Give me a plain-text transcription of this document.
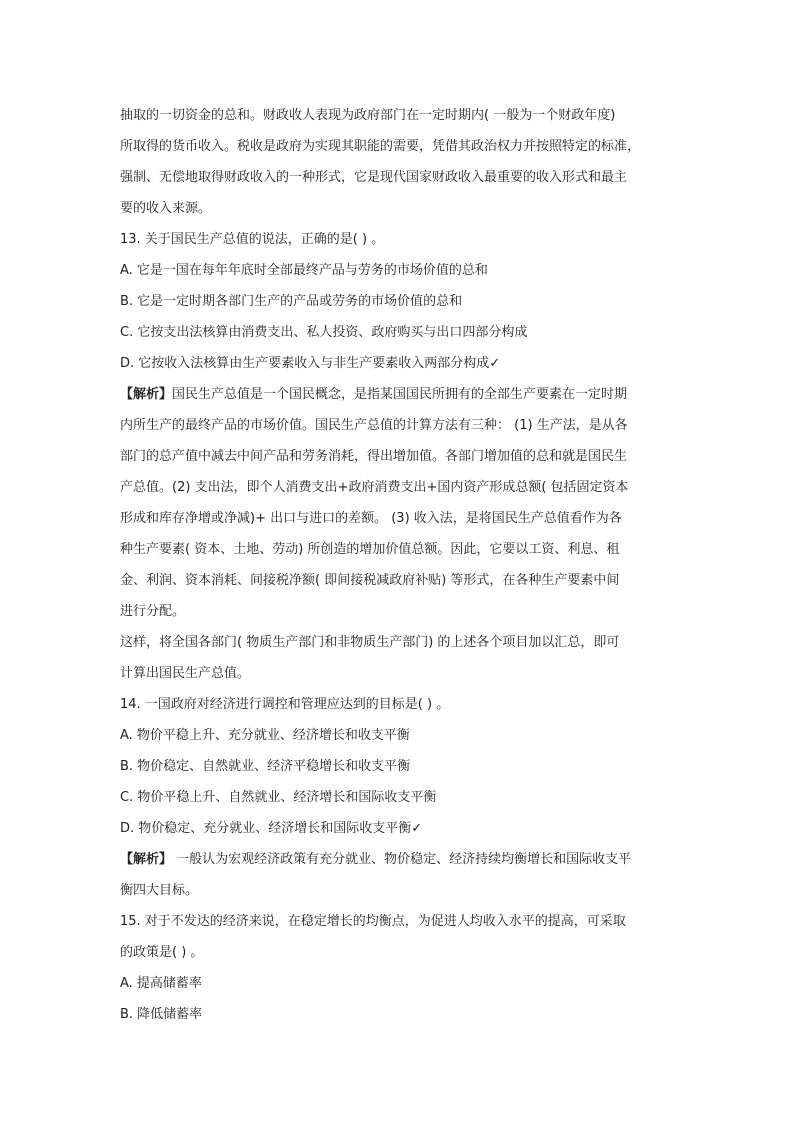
抽取的一切资金的总和。财政收人表现为政府部门在一定时期内( 一般为一个财政年度)
所取得的货币收入。税收是政府为实现其职能的需要，凭借其政治权力并按照特定的标准，
强制、无偿地取得财政收入的一种形式，它是现代国家财政收入最重要的收入形式和最主
要的收入来源。
13. 关于国民生产总值的说法，正确的是( ) 。
A. 它是一国在每年年底时全部最终产品与劳务的市场价值的总和
B. 它是一定时期各部门生产的产品或劳务的市场价值的总和
C. 它按支出法核算由消费支出、私人投资、政府购买与出口四部分构成
D. 它按收入法核算由生产要素收入与非生产要素收入两部分构成✓
【解析】国民生产总值是一个国民概念，是指某国国民所拥有的全部生产要素在一定时期
内所生产的最终产品的市场价值。国民生产总值的计算方法有三种： (1) 生产法，是从各
部门的总产值中减去中间产品和劳务消耗，得出增加值。各部门增加值的总和就是国民生
产总值。(2) 支出法，即个人消费支出+政府消费支出+国内资产形成总额( 包括固定资本
形成和库存净增或净减)+ 出口与进口的差额。 (3) 收入法，是将国民生产总值看作为各
种生产要素( 资本、土地、劳动) 所创造的增加价值总额。因此，它要以工资、利息、租
金、利润、资本消耗、间接税净额( 即间接税减政府补贴) 等形式，在各种生产要素中间
进行分配。
这样，将全国各部门( 物质生产部门和非物质生产部门) 的上述各个项目加以汇总，即可
计算出国民生产总值。
14. 一国政府对经济进行调控和管理应达到的目标是( ) 。
A. 物价平稳上升、充分就业、经济增长和收支平衡
B. 物价稳定、自然就业、经济平稳增长和收支平衡
C. 物价平稳上升、自然就业、经济增长和国际收支平衡
D. 物价稳定、充分就业、经济增长和国际收支平衡✓
【解析】 一般认为宏观经济政策有充分就业、物价稳定、经济持续均衡增长和国际收支平
衡四大目标。
15. 对于不发达的经济来说，在稳定增长的均衡点，为促进人均收入水平的提高，可采取
的政策是( ) 。
A. 提高储蓄率
B. 降低储蓄率
